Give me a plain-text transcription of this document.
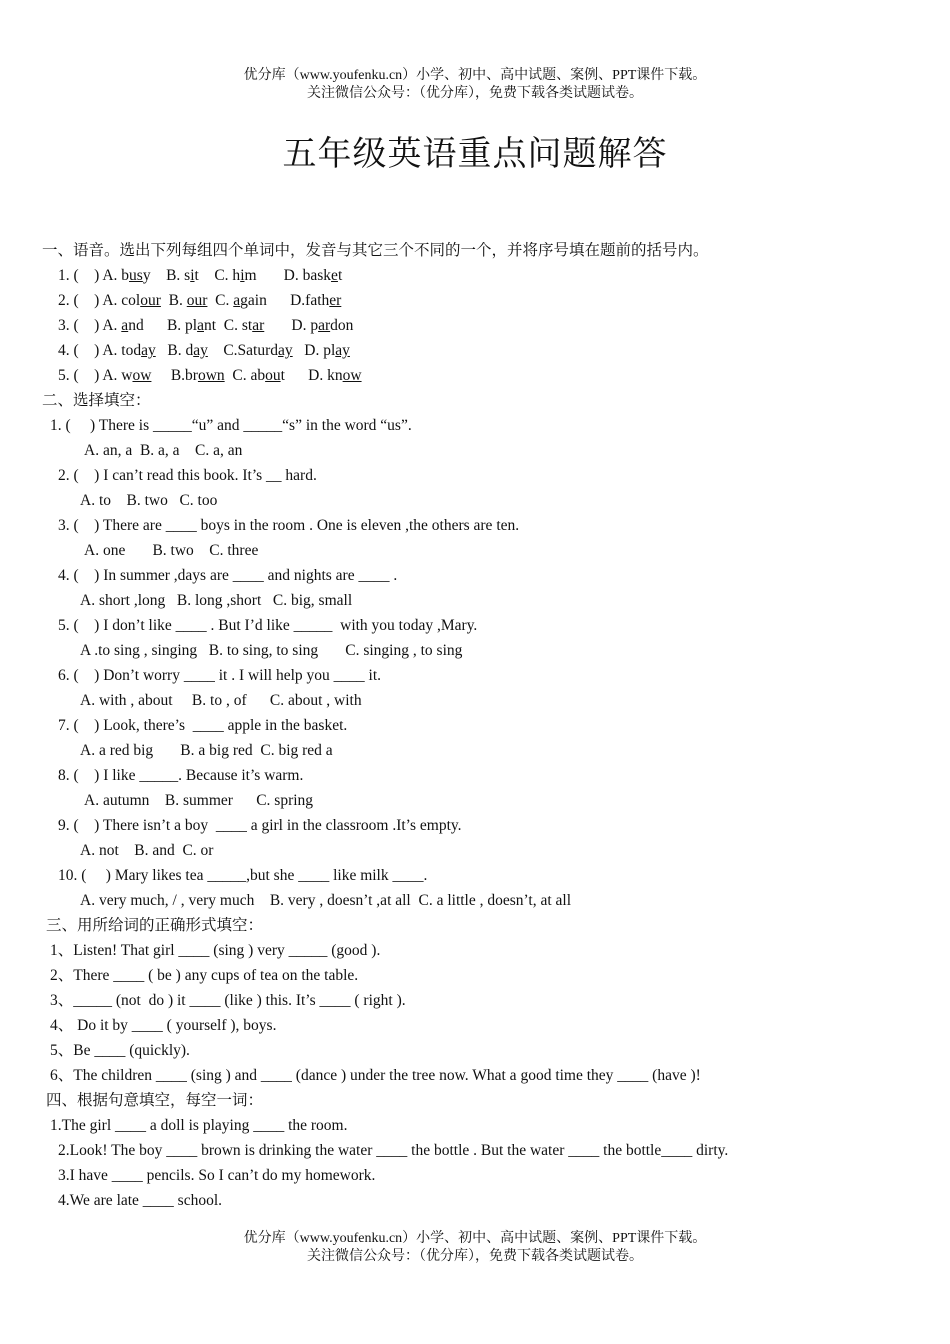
优分库（www.youfenku.cn）小学、初中、高中试题、案例、PPT课件下载。
关注微信公众号：（优分库），免费下载各类试题试卷。
五年级英语重点问题解答
一、语音。选出下列每组四个单词中，发音与其它三个不同的一个，并将序号填在题前的括号内。
1. (    ) A. busy    B. sit    C. him       D. basket
2. (    ) A. colour  B. our  C. again      D.father
3. (    ) A. and      B. plant  C. star       D. pardon
4. (    ) A. today   B. day    C.Saturday   D. play
5. (    ) A. wow     B.brown  C. about      D. know
二、选择填空：
1. (     ) There is _____“u” and _____“s” in the word “us”.
A. an, a  B. a, a    C. a, an
2. (    ) I can’t read this book. It’s __ hard.
A. to    B. two   C. too
3. (    ) There are ____ boys in the room . One is eleven ,the others are ten.
A. one       B. two    C. three
4. (    ) In summer ,days are ____ and nights are ____ .
A. short ,long   B. long ,short   C. big, small
5. (    ) I don’t like ____ . But I’d like _____  with you today ,Mary.
A .to sing , singing   B. to sing, to sing       C. singing , to sing
6. (    ) Don’t worry ____ it . I will help you ____ it.
A. with , about     B. to , of      C. about , with
7. (    ) Look, there’s  ____ apple in the basket.
A. a red big       B. a big red  C. big red a
8. (    ) I like _____. Because it’s warm.
A. autumn    B. summer      C. spring
9. (    ) There isn’t a boy  ____ a girl in the classroom .It’s empty.
A. not    B. and  C. or
10. (     ) Mary likes tea _____,but she ____ like milk ____.
A. very much, / , very much    B. very , doesn’t ,at all  C. a little , doesn’t, at all
三、用所给词的正确形式填空：
1、Listen! That girl ____ (sing ) very _____ (good ).
2、There ____ ( be ) any cups of tea on the table.
3、_____ (not  do ) it ____ (like ) this. It’s ____ ( right ).
4、 Do it by ____ ( yourself ), boys.
5、Be ____ (quickly).
6、The children ____ (sing ) and ____ (dance ) under the tree now. What a good time they ____ (have )!
四、根据句意填空，每空一词：
1.The girl ____ a doll is playing ____ the room.
2.Look! The boy ____ brown is drinking the water ____ the bottle . But the water ____ the bottle____ dirty.
3.I have ____ pencils. So I can’t do my homework.
4.We are late ____ school.
优分库（www.youfenku.cn）小学、初中、高中试题、案例、PPT课件下载。
关注微信公众号：（优分库），免费下载各类试题试卷。
